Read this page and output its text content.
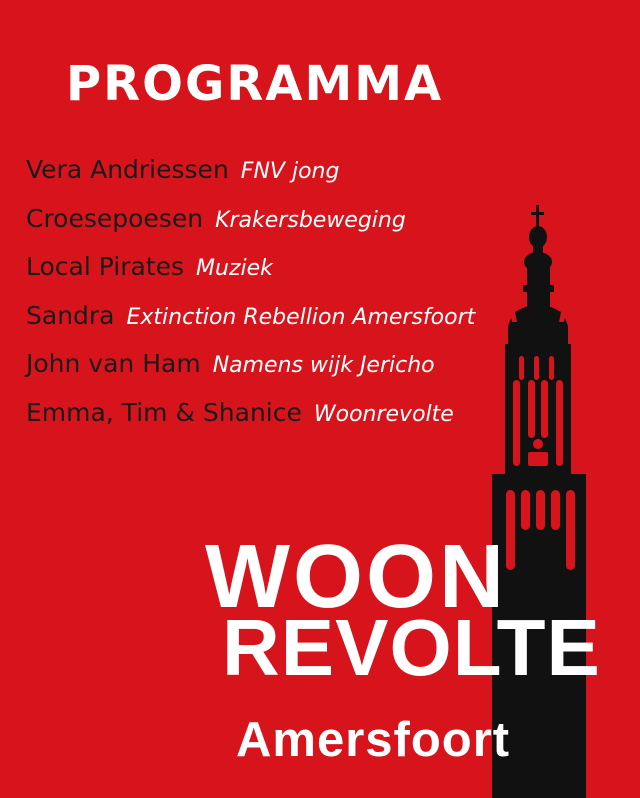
PROGRAMMA
Vera Andriessen FNV jong
Croesepoesen Krakersbeweging
Local Pirates Muziek
Sandra Extinction Rebellion Amersfoort
John van Ham Namens wijk Jericho
Emma, Tim & Shanice Woonrevolte
WOON
REVOLTE
Amersfoort
